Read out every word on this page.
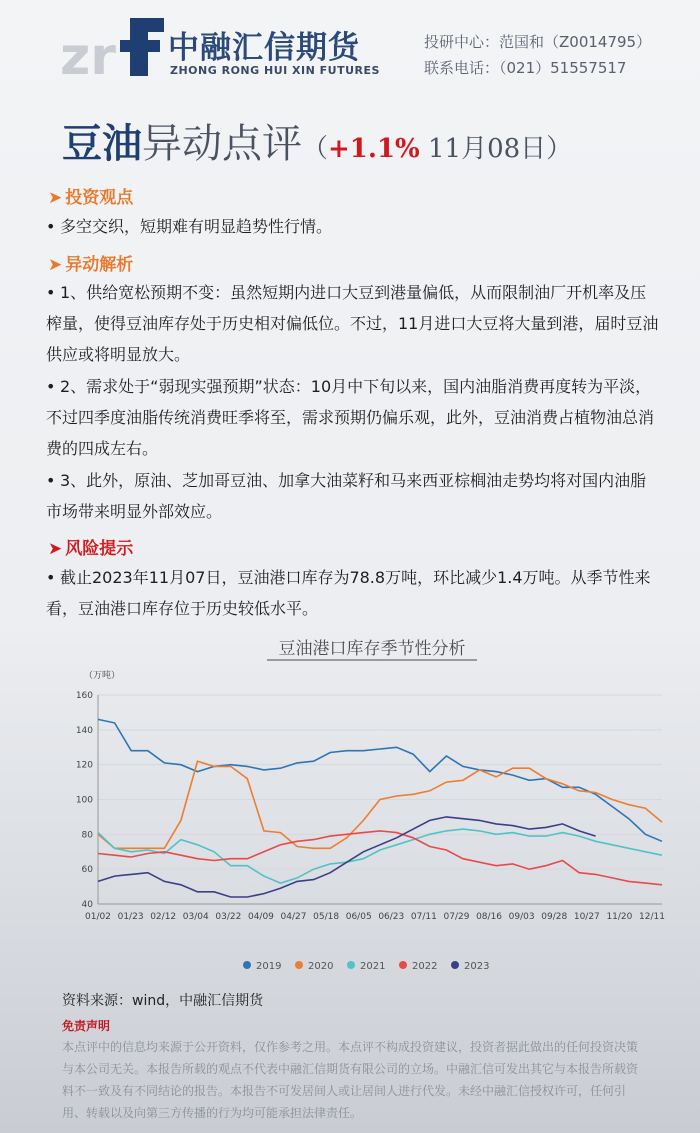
zr 中融汇信期货
ZHONG RONG HUI XIN FUTURES
投研中心：范国和（Z0014795）
联系电话：（021）51557517
豆油异动点评（+1.1% 11月08日）
➤ 投资观点
• 多空交织，短期难有明显趋势性行情。
➤ 异动解析
• 1、供给宽松预期不变：虽然短期内进口大豆到港量偏低，从而限制油厂开机率及压榨量，使得豆油库存处于历史相对偏低位。不过，11月进口大豆将大量到港，届时豆油供应或将明显放大。
• 2、需求处于“弱现实强预期”状态：10月中下旬以来，国内油脂消费再度转为平淡，不过四季度油脂传统消费旺季将至，需求预期仍偏乐观，此外，豆油消费占植物油总消费的四成左右。
• 3、此外，原油、芝加哥豆油、加拿大油菜籽和马来西亚棕榈油走势均将对国内油脂市场带来明显外部效应。
➤ 风险提示
• 截止2023年11月07日，豆油港口库存为78.8万吨，环比减少1.4万吨。从季节性来看，豆油港口库存位于历史较低水平。
豆油港口库存季节性分析
（万吨）
40
60
80
100
120
140
160
01/02 01/23 02/12 03/04 03/22 04/09 04/27 05/18 06/05 06/23 07/11 07/29 08/16 09/03 09/28 10/27 11/20 12/11
2019	2020	2021	2022	2023
资料来源：wind，中融汇信期货
免责声明
本点评中的信息均来源于公开资料，仅作参考之用。本点评不构成投资建议，投资者据此做出的任何投资决策与本公司无关。本报告所载的观点不代表中融汇信期货有限公司的立场。中融汇信可发出其它与本报告所载资料不一致及有不同结论的报告。本报告不可发居间人或让居间人进行代发。未经中融汇信授权许可，任何引用、转载以及向第三方传播的行为均可能承担法律责任。
